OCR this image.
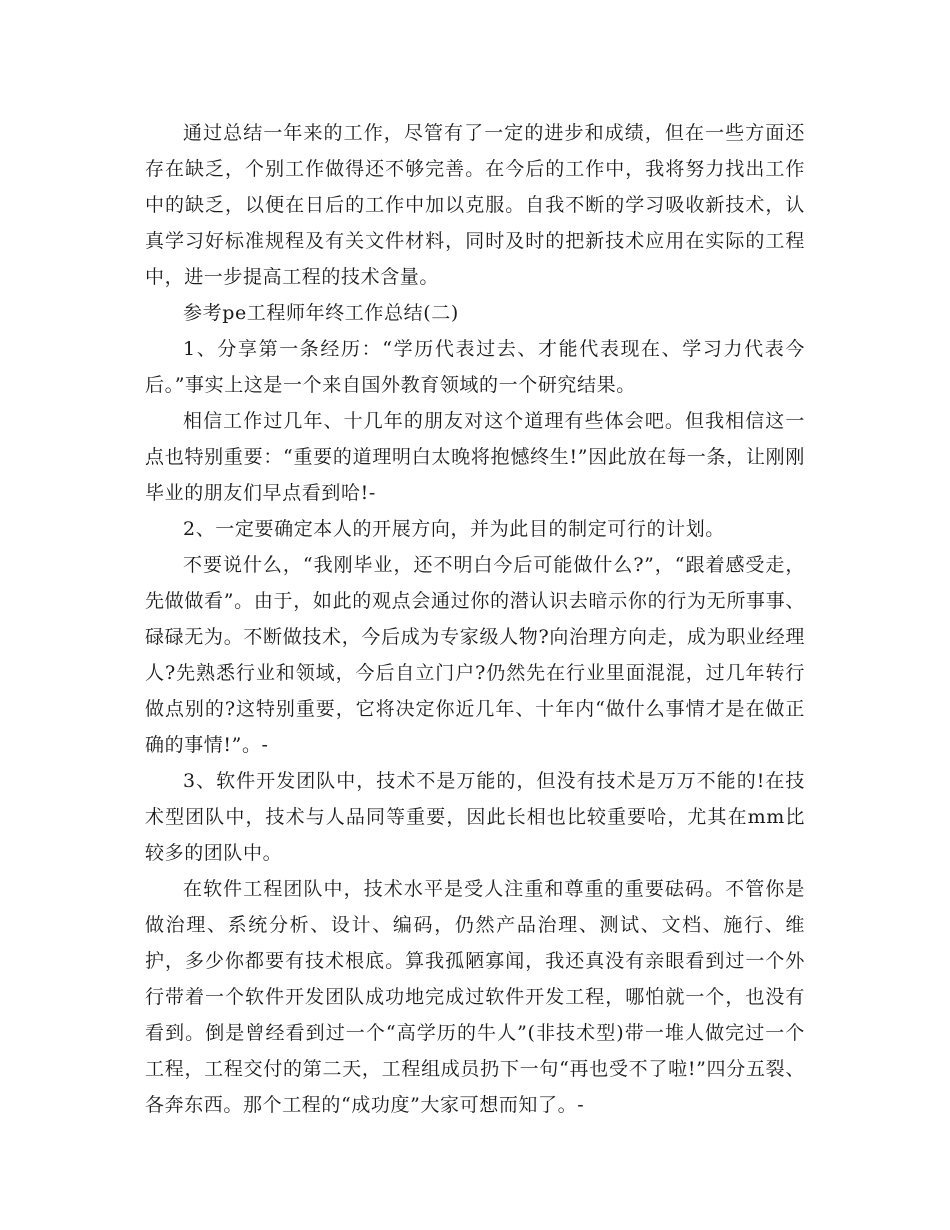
通过总结一年来的工作，尽管有了一定的进步和成绩，但在一些方面还存在缺乏，个别工作做得还不够完善。在今后的工作中，我将努力找出工作中的缺乏，以便在日后的工作中加以克服。自我不断的学习吸收新技术，认真学习好标准规程及有关文件材料，同时及时的把新技术应用在实际的工程中，进一步提高工程的技术含量。

参考pe工程师年终工作总结(二)

1、分享第一条经历：“学历代表过去、才能代表现在、学习力代表今后。”事实上这是一个来自国外教育领域的一个研究结果。

相信工作过几年、十几年的朋友对这个道理有些体会吧。但我相信这一点也特别重要：“重要的道理明白太晚将抱憾终生!”因此放在每一条，让刚刚毕业的朋友们早点看到哈!-

2、一定要确定本人的开展方向，并为此目的制定可行的计划。

不要说什么，“我刚毕业，还不明白今后可能做什么?”，“跟着感受走，先做做看”。由于，如此的观点会通过你的潜认识去暗示你的行为无所事事、碌碌无为。不断做技术，今后成为专家级人物?向治理方向走，成为职业经理人?先熟悉行业和领域，今后自立门户?仍然先在行业里面混混，过几年转行做点别的?这特别重要，它将决定你近几年、十年内“做什么事情才是在做正确的事情!”。-

3、软件开发团队中，技术不是万能的，但没有技术是万万不能的!在技术型团队中，技术与人品同等重要，因此长相也比较重要哈，尤其在mm比较多的团队中。

在软件工程团队中，技术水平是受人注重和尊重的重要砝码。不管你是做治理、系统分析、设计、编码，仍然产品治理、测试、文档、施行、维护，多少你都要有技术根底。算我孤陋寡闻，我还真没有亲眼看到过一个外行带着一个软件开发团队成功地完成过软件开发工程，哪怕就一个，也没有看到。倒是曾经看到过一个“高学历的牛人”(非技术型)带一堆人做完过一个工程，工程交付的第二天，工程组成员扔下一句“再也受不了啦!”四分五裂、各奔东西。那个工程的“成功度”大家可想而知了。-
